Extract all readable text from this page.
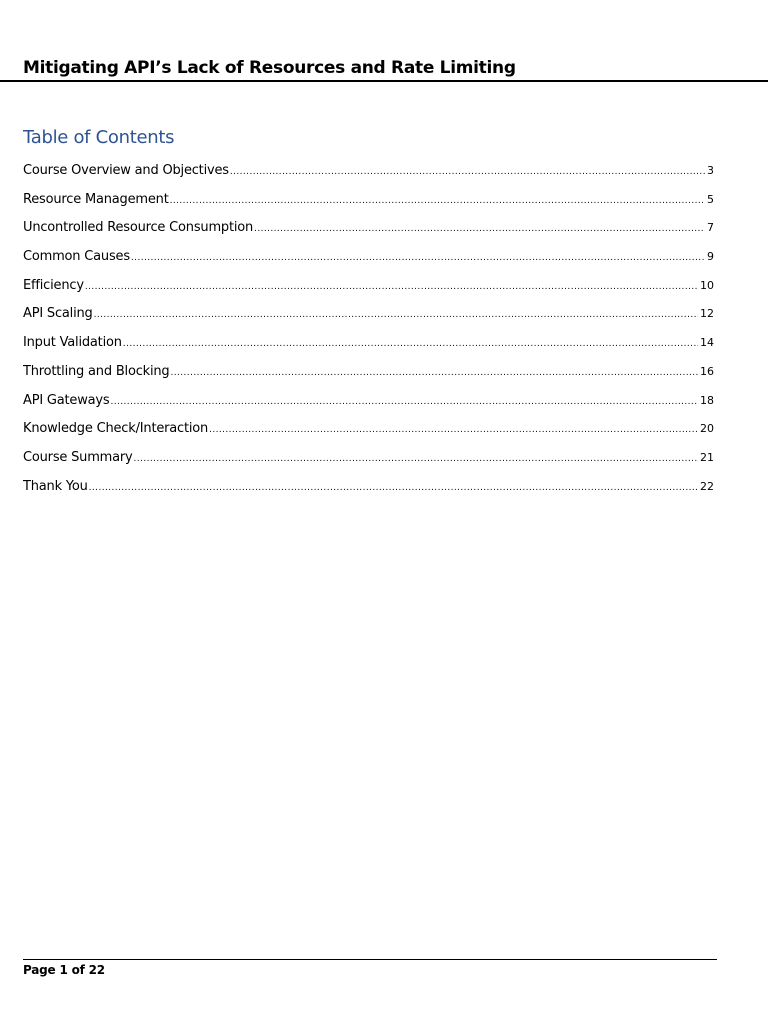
Mitigating API’s Lack of Resources and Rate Limiting
Table of Contents
Course Overview and Objectives .....	3
Resource Management .....	5
Uncontrolled Resource Consumption .....	7
Common Causes .....	9
Efficiency .....	10
API Scaling .....	12
Input Validation .....	14
Throttling and Blocking .....	16
API Gateways .....	18
Knowledge Check/Interaction .....	20
Course Summary .....	21
Thank You .....	22
Page 1 of 22
